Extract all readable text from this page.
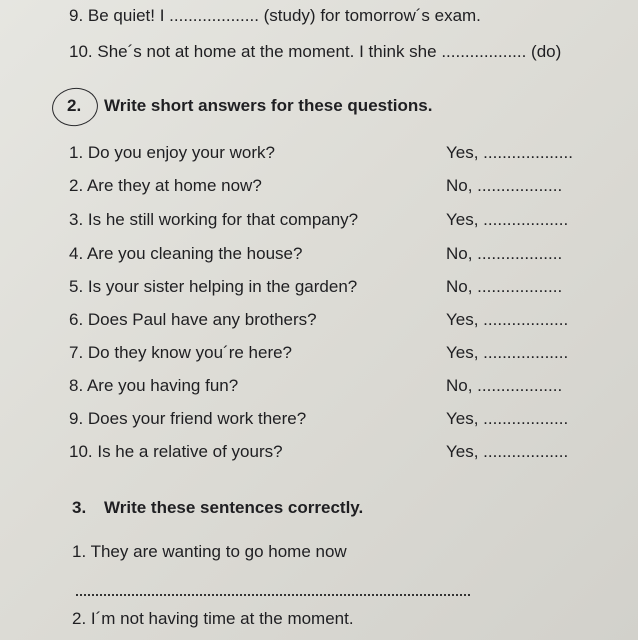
9. Be quiet! I ................... (study) for tomorrow´s exam.
10. She´s not at home at the moment. I think she .................. (do)
2. Write short answers for these questions.
1. Do you enjoy your work?	Yes, ...................
2. Are they at home now?	No, ..................
3. Is he still working for that company?	Yes, ..................
4. Are you cleaning the house?	No, ..................
5. Is your sister helping in the garden?	No, ..................
6. Does Paul have any brothers?	Yes, ..................
7. Do they know you´re here?	Yes, ..................
8. Are you having fun?	No, ..................
9. Does your friend work there?	Yes, ..................
10. Is he a relative of yours?	Yes, ..................
3. Write these sentences correctly.
1. They are wanting to go home now
2. I´m not having time at the moment.
